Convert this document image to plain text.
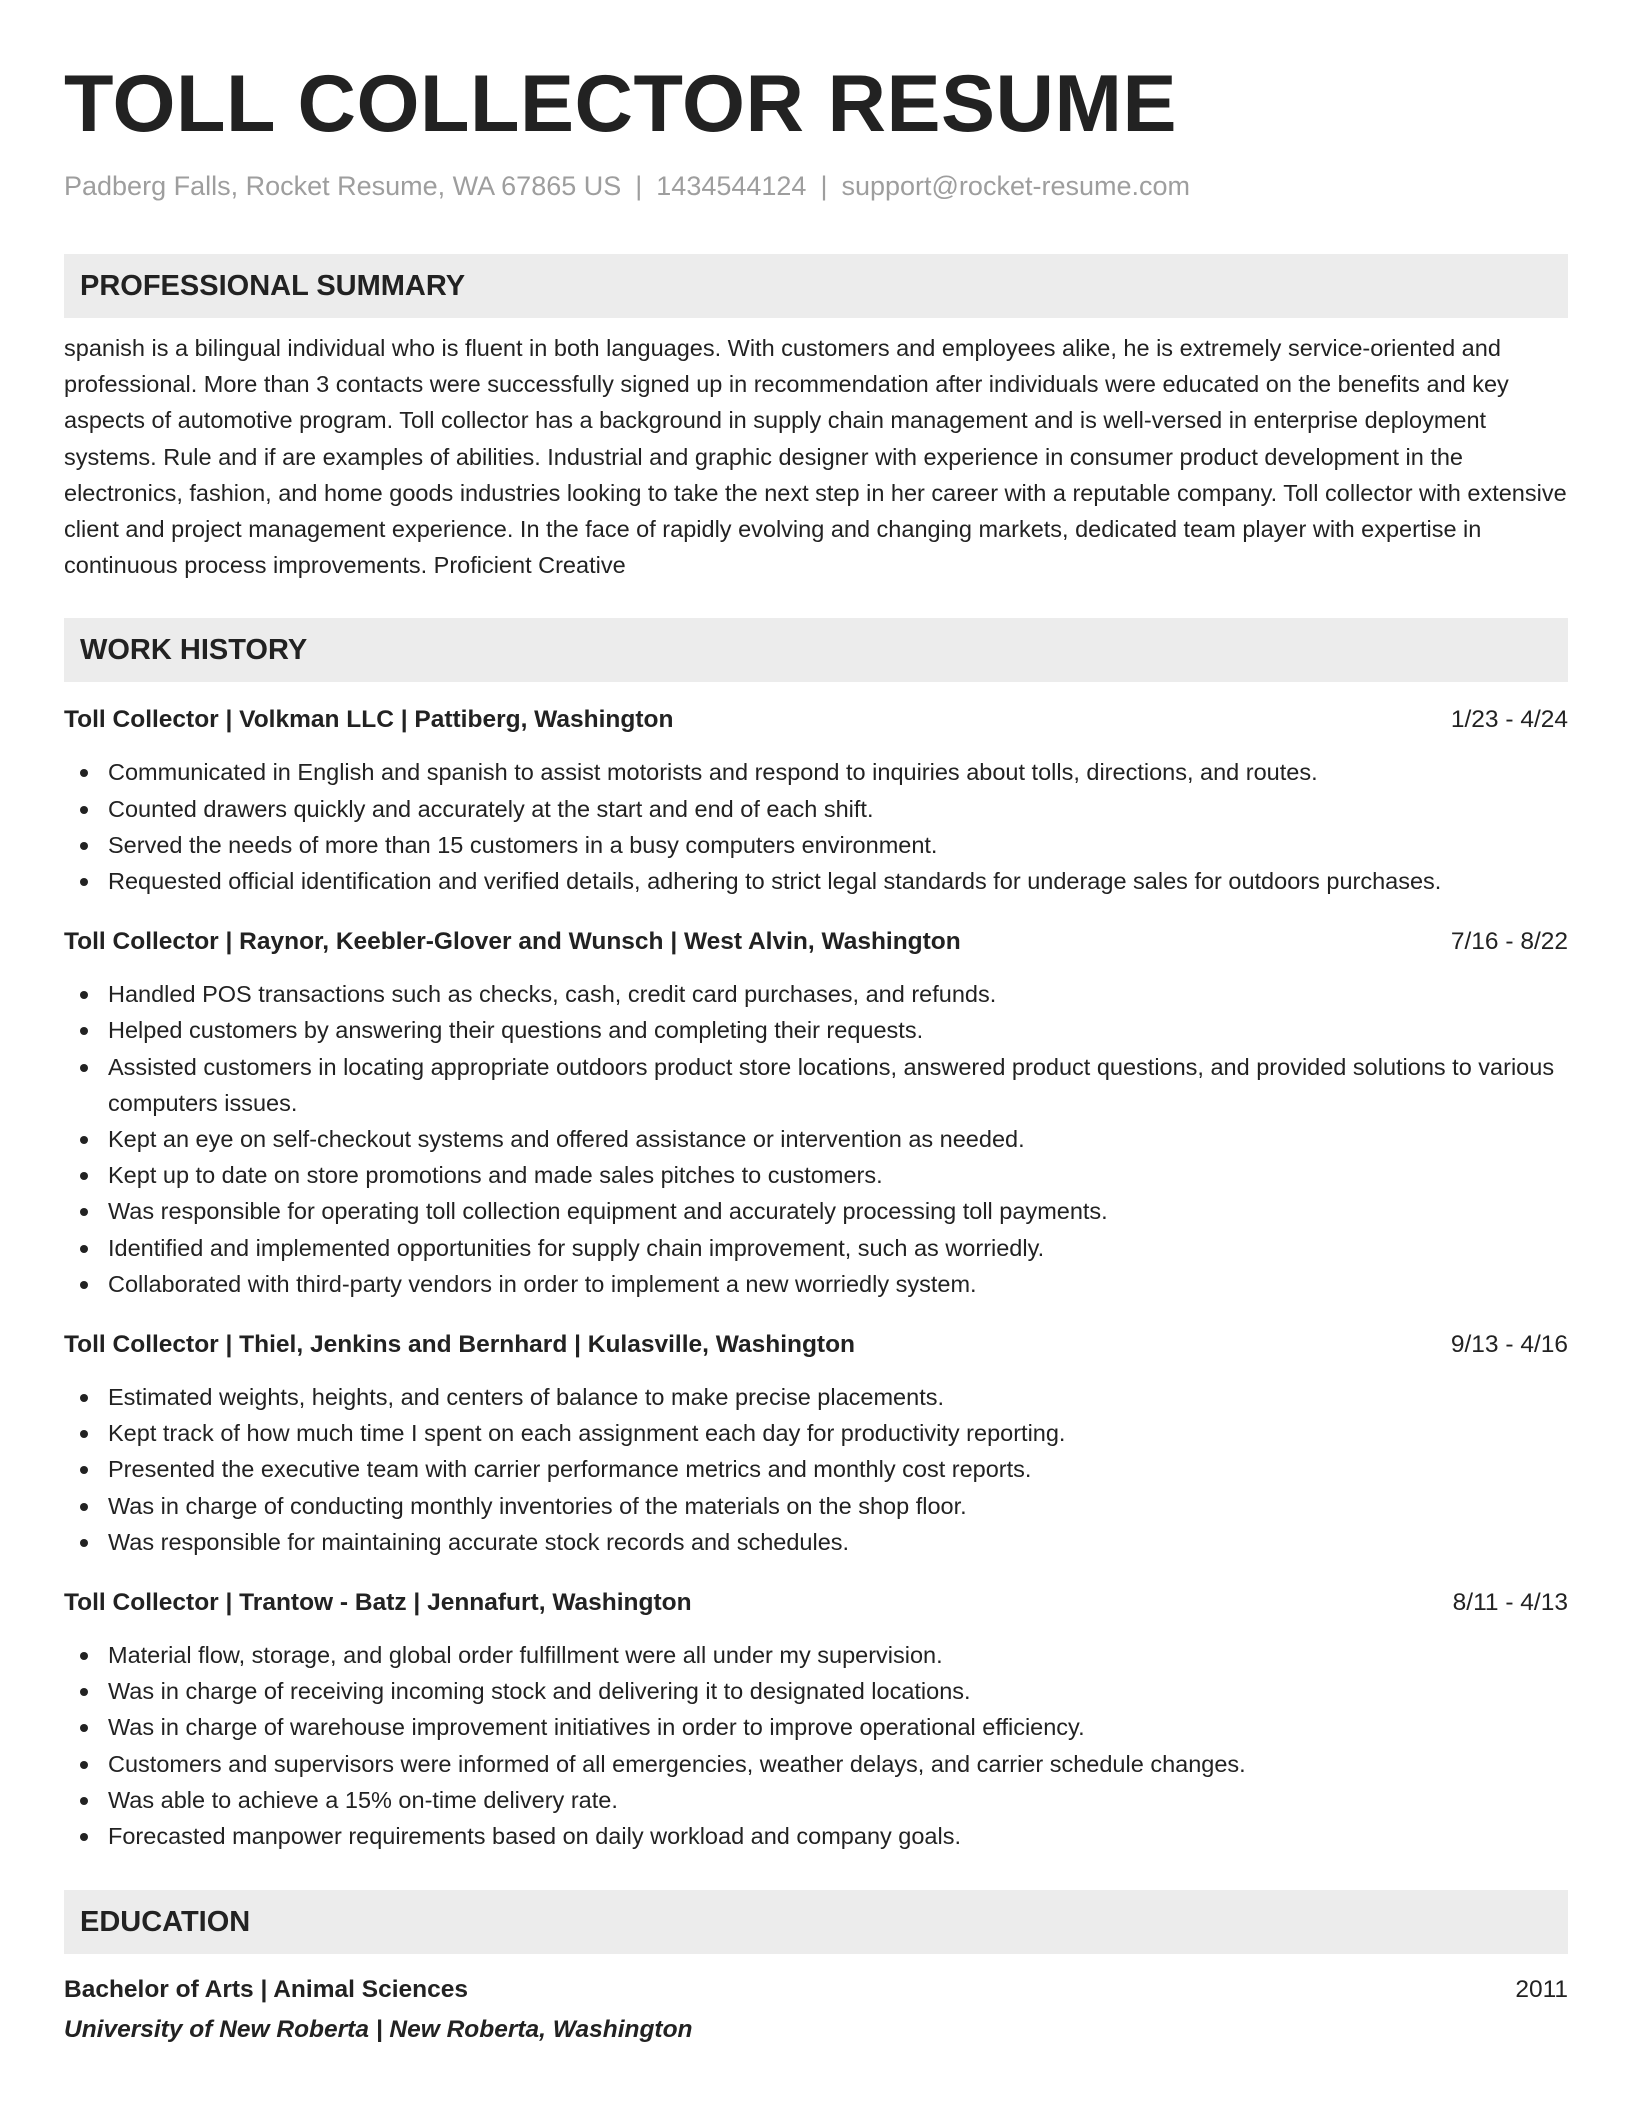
TOLL COLLECTOR RESUME
Padberg Falls, Rocket Resume, WA 67865 US | 1434544124 | support@rocket-resume.com
PROFESSIONAL SUMMARY
spanish is a bilingual individual who is fluent in both languages. With customers and employees alike, he is extremely service-oriented and professional. More than 3 contacts were successfully signed up in recommendation after individuals were educated on the benefits and key aspects of automotive program. Toll collector has a background in supply chain management and is well-versed in enterprise deployment systems. Rule and if are examples of abilities. Industrial and graphic designer with experience in consumer product development in the electronics, fashion, and home goods industries looking to take the next step in her career with a reputable company. Toll collector with extensive client and project management experience. In the face of rapidly evolving and changing markets, dedicated team player with expertise in continuous process improvements. Proficient Creative
WORK HISTORY
Toll Collector | Volkman LLC | Pattiberg, Washington	1/23 - 4/24
Communicated in English and spanish to assist motorists and respond to inquiries about tolls, directions, and routes.
Counted drawers quickly and accurately at the start and end of each shift.
Served the needs of more than 15 customers in a busy computers environment.
Requested official identification and verified details, adhering to strict legal standards for underage sales for outdoors purchases.
Toll Collector | Raynor, Keebler-Glover and Wunsch | West Alvin, Washington	7/16 - 8/22
Handled POS transactions such as checks, cash, credit card purchases, and refunds.
Helped customers by answering their questions and completing their requests.
Assisted customers in locating appropriate outdoors product store locations, answered product questions, and provided solutions to various computers issues.
Kept an eye on self-checkout systems and offered assistance or intervention as needed.
Kept up to date on store promotions and made sales pitches to customers.
Was responsible for operating toll collection equipment and accurately processing toll payments.
Identified and implemented opportunities for supply chain improvement, such as worriedly.
Collaborated with third-party vendors in order to implement a new worriedly system.
Toll Collector | Thiel, Jenkins and Bernhard | Kulasville, Washington	9/13 - 4/16
Estimated weights, heights, and centers of balance to make precise placements.
Kept track of how much time I spent on each assignment each day for productivity reporting.
Presented the executive team with carrier performance metrics and monthly cost reports.
Was in charge of conducting monthly inventories of the materials on the shop floor.
Was responsible for maintaining accurate stock records and schedules.
Toll Collector | Trantow - Batz | Jennafurt, Washington	8/11 - 4/13
Material flow, storage, and global order fulfillment were all under my supervision.
Was in charge of receiving incoming stock and delivering it to designated locations.
Was in charge of warehouse improvement initiatives in order to improve operational efficiency.
Customers and supervisors were informed of all emergencies, weather delays, and carrier schedule changes.
Was able to achieve a 15% on-time delivery rate.
Forecasted manpower requirements based on daily workload and company goals.
EDUCATION
Bachelor of Arts | Animal Sciences	2011
University of New Roberta | New Roberta, Washington
